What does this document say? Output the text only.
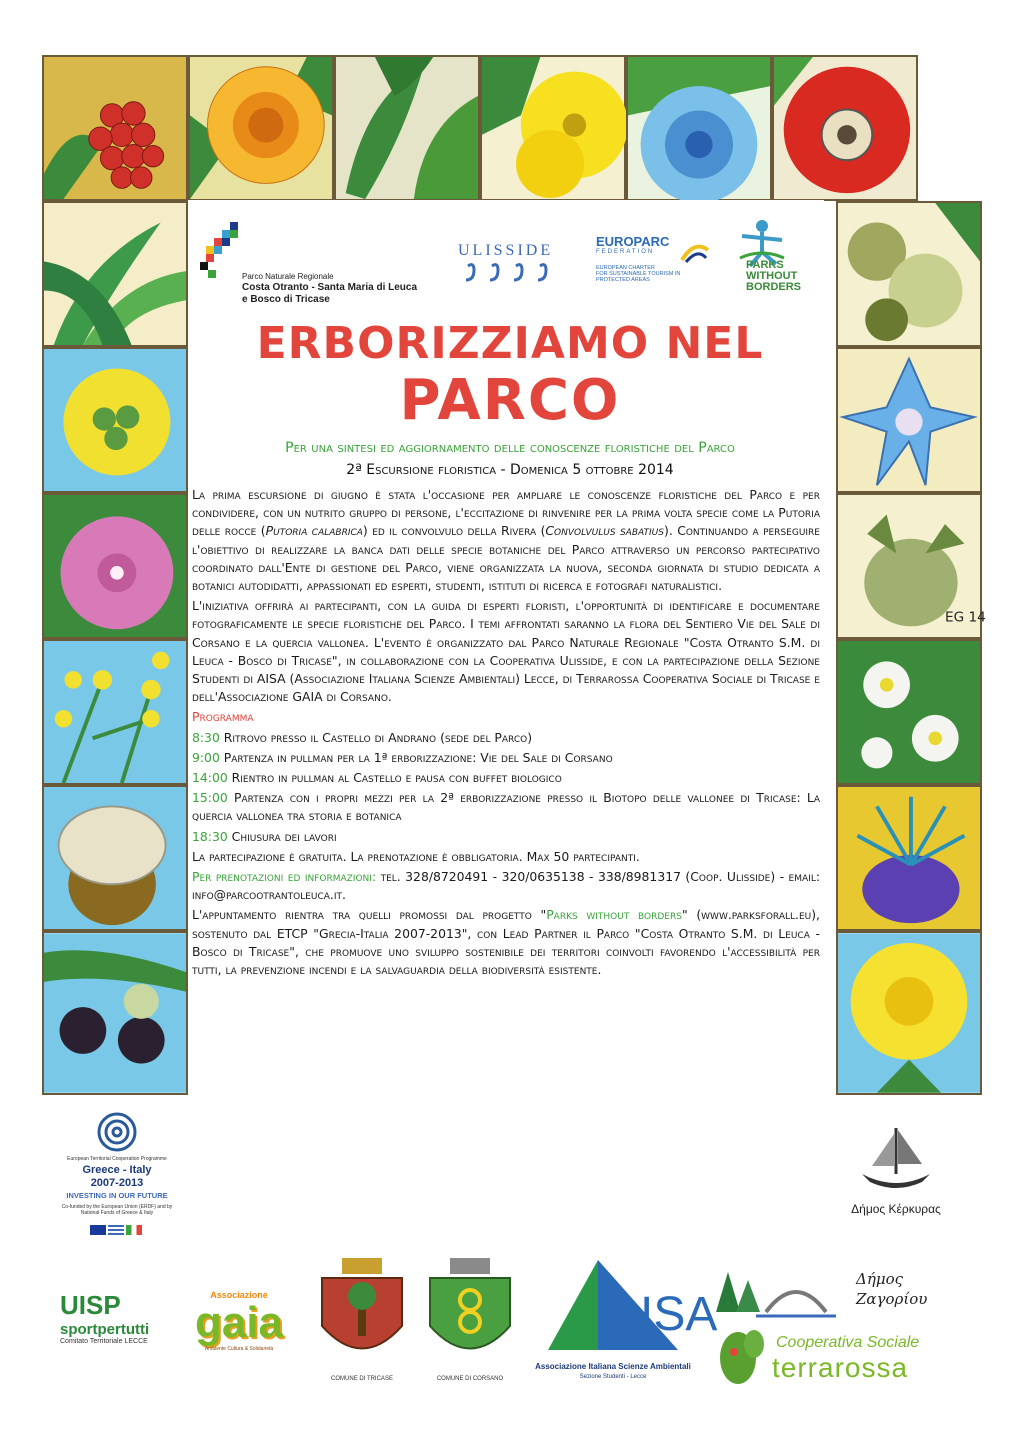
EG 14
Parco Naturale Regionale
Costa Otranto - Santa Maria di Leuca
e Bosco di Tricase
ULISSIDE
EUROPARC
FEDERATION
EUROPEAN CHARTER
FOR SUSTAINABLE TOURISM IN
PROTECTED AREAS
PARKS
WITHOUT
BORDERS
ERBORIZZIAMO NEL
PARCO
Per una sintesi ed aggiornamento delle conoscenze floristiche del Parco
2ª Escursione floristica - Domenica 5 ottobre 2014

La prima escursione di giugno è stata l'occasione per ampliare le conoscenze floristiche del Parco e per condividere, con un nutrito gruppo di persone, l'eccitazione di rinvenire per la prima volta specie come la Putoria delle rocce (Putoria calabrica) ed il convolvulo della Rivera (Convolvulus sabatius). Continuando a perseguire l'obiettivo di realizzare la banca dati delle specie botaniche del Parco attraverso un percorso partecipativo coordinato dall'Ente di gestione del Parco, viene organizzata la nuova, seconda giornata di studio dedicata a botanici autodidatti, appassionati ed esperti, studenti, istituti di ricerca e fotografi naturalistici.

L'iniziativa offrirà ai partecipanti, con la guida di esperti floristi, l'opportunità di identificare e documentare fotograficamente le specie floristiche del Parco. I temi affrontati saranno la flora del Sentiero Vie del Sale di Corsano e la quercia vallonea. L'evento è organizzato dal Parco Naturale Regionale "Costa Otranto S.M. di Leuca - Bosco di Tricase", in collaborazione con la Cooperativa Ulisside, e con la partecipazione della Sezione Studenti di AISA (Associazione Italiana Scienze Ambientali) Lecce, di Terrarossa Cooperativa Sociale di Tricase e dell'Associazione GAIA di Corsano.

Programma

8:30 Ritrovo presso il Castello di Andrano (sede del Parco)

9:00 Partenza in pullman per la 1ª erborizzazione: Vie del Sale di Corsano

14:00 Rientro in pullman al Castello e pausa con buffet biologico

15:00 Partenza con i propri mezzi per la 2ª erborizzazione presso il Biotopo delle vallonee di Tricase: La quercia vallonea tra storia e botanica

18:30 Chiusura dei lavori

La partecipazione è gratuita. La prenotazione è obbligatoria. Max 50 partecipanti.

Per prenotazioni ed informazioni: tel. 328/8720491 - 320/0635138 - 338/8981317 (Coop. Ulisside) - email: info@parcootrantoleuca.it.

L'appuntamento rientra tra quelli promossi dal progetto "Parks without borders" (www.parksforall.eu), sostenuto dal ETCP "Grecia-Italia 2007-2013", con Lead Partner il Parco "Costa Otranto S.M. di Leuca - Bosco di Tricase", che promuove uno sviluppo sostenibile dei territori coinvolti favorendo l'accessibilità per tutti, la prevenzione incendi e la salvaguardia della biodiversità esistente.

European Territorial Cooperation Programme
Greece - Italy
2007-2013
INVESTING IN OUR FUTURE
Co-funded by the European Union (ERDF) and by National Funds of Greece & Italy	Δήμος Κέρκυρας
UISP
sportpertutti
Comitato Territoriale LECCE
Associazione
gaia
Ambiente Cultura & Solidarietà
COMUNE DI TRICASE	COMUNE DI CORSANO
AISA
Associazione Italiana Scienze Ambientali
Sezione Studenti - Lecce
Δήμος
Ζαγορίου
Cooperativa Sociale
terrarossa
